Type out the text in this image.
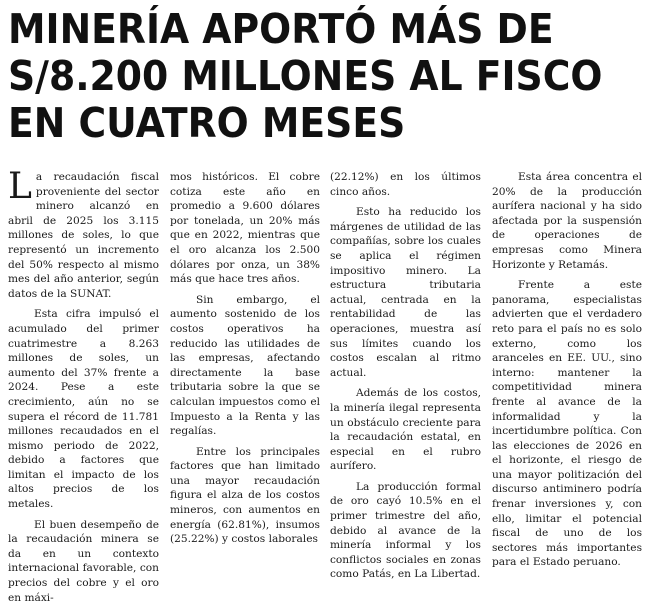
MINERÍA APORTÓ MÁS DE
S/8.200 MILLONES AL FISCO
EN CUATRO MESES

La recaudación fiscal proveniente del sector minero alcanzó en abril de 2025 los 3.115 millones de soles, lo que representó un incremento del 50% respecto al mismo mes del año anterior, según datos de la SUNAT.

Esta cifra impulsó el acumulado del primer cuatrimestre a 8.263 millones de soles, un aumento del 37% frente a 2024. Pese a este crecimiento, aún no se supera el récord de 11.781 millones recaudados en el mismo periodo de 2022, debido a factores que limitan el impacto de los altos precios de los metales.

El buen desempeño de la recaudación minera se da en un contexto internacional favorable, con precios del cobre y el oro en máxi-

mos históricos. El cobre cotiza este año en promedio a 9.600 dólares por tonelada, un 20% más que en 2022, mientras que el oro alcanza los 2.500 dólares por onza, un 38% más que hace tres años.

Sin embargo, el aumento sostenido de los costos operativos ha reducido las utilidades de las empresas, afectando directamente la base tributaria sobre la que se calculan impuestos como el Impuesto a la Renta y las regalías.

Entre los principales factores que han limitado una mayor recaudación figura el alza de los costos mineros, con aumentos en energía (62.81%), insumos (25.22%) y costos laborales

(22.12%) en los últimos cinco años.

Esto ha reducido los márgenes de utilidad de las compañías, sobre los cuales se aplica el régimen impositivo minero. La estructura tributaria actual, centrada en la rentabilidad de las operaciones, muestra así sus límites cuando los costos escalan al ritmo actual.

Además de los costos, la minería ilegal representa un obstáculo creciente para la recaudación estatal, en especial en el rubro aurífero.

La producción formal de oro cayó 10.5% en el primer trimestre del año, debido al avance de la minería informal y los conflictos sociales en zonas como Patás, en La Libertad.

Esta área concentra el 20% de la producción aurífera nacional y ha sido afectada por la suspensión de operaciones de empresas como Minera Horizonte y Retamás.

Frente a este panorama, especialistas advierten que el verdadero reto para el país no es solo externo, como los aranceles en EE. UU., sino interno: mantener la competitividad minera frente al avance de la informalidad y la incertidumbre política. Con las elecciones de 2026 en el horizonte, el riesgo de una mayor politización del discurso antiminero podría frenar inversiones y, con ello, limitar el potencial fiscal de uno de los sectores más importantes para el Estado peruano.
